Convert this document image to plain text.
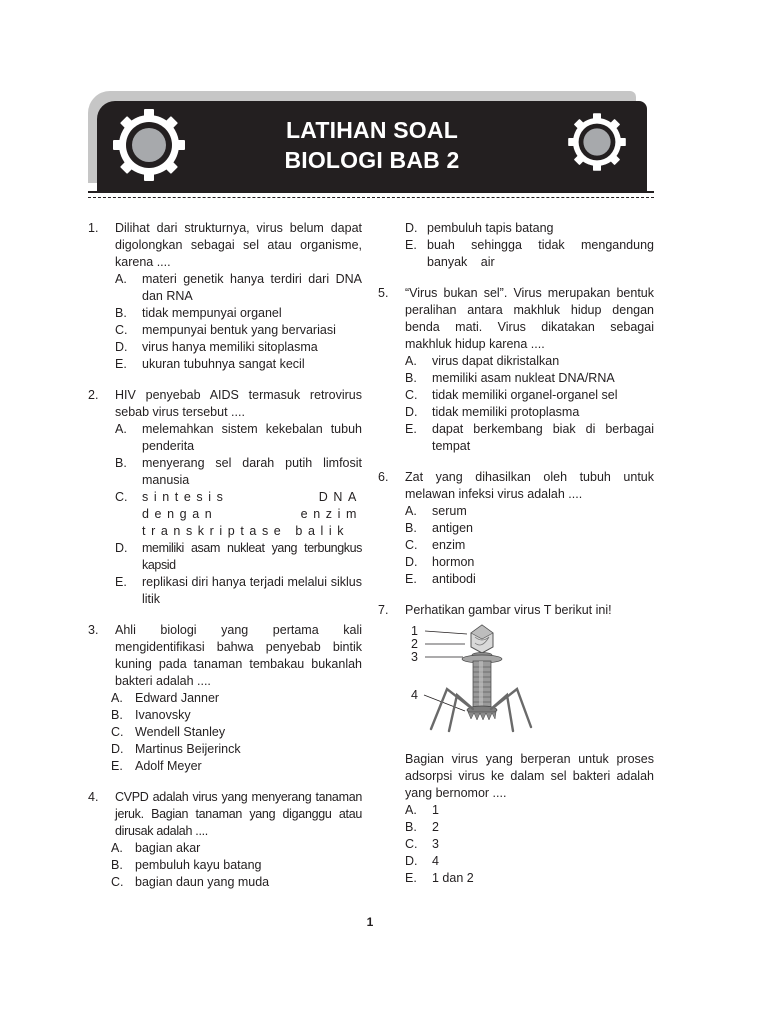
LATIHAN SOAL
BIOLOGI BAB 2
1. Dilihat dari strukturnya, virus belum dapat digolongkan sebagai sel atau organisme, karena ....
A. materi genetik hanya terdiri dari DNA dan RNA
B. tidak mempunyai organel
C. mempunyai bentuk yang bervariasi
D. virus hanya memiliki sitoplasma
E. ukuran tubuhnya sangat kecil
2. HIV penyebab AIDS termasuk retrovirus sebab virus tersebut ....
A. melemahkan sistem kekebalan tubuh penderita
B. menyerang sel darah putih limfosit manusia
C. sintesis DNA dengan enzim transkriptase balik
D. memiliki asam nukleat yang terbungkus kapsid
E. replikasi diri hanya terjadi melalui siklus litik
3. Ahli biologi yang pertama kali mengidentifikasi bahwa penyebab bintik kuning pada tanaman tembakau bukanlah bakteri adalah ....
A. Edward Janner
B. Ivanovsky
C. Wendell Stanley
D. Martinus Beijerinck
E. Adolf Meyer
4. CVPD adalah virus yang menyerang tanaman jeruk. Bagian tanaman yang diganggu atau dirusak adalah ....
A. bagian akar
B. pembuluh kayu batang
C. bagian daun yang muda
D. pembuluh tapis batang
E. buah sehingga tidak mengandung banyak air
5. “Virus bukan sel”. Virus merupakan bentuk peralihan antara makhluk hidup dengan benda mati. Virus dikatakan sebagai makhluk hidup karena ....
A. virus dapat dikristalkan
B. memiliki asam nukleat DNA/RNA
C. tidak memiliki organel-organel sel
D. tidak memiliki protoplasma
E. dapat berkembang biak di berbagai tempat
6. Zat yang dihasilkan oleh tubuh untuk melawan infeksi virus adalah ....
A. serum
B. antigen
C. enzim
D. hormon
E. antibodi
7. Perhatikan gambar virus T berikut ini!
1
2
3
4
Bagian virus yang berperan untuk proses adsorpsi virus ke dalam sel bakteri adalah yang bernomor ....
A. 1
B. 2
C. 3
D. 4
E. 1 dan 2
1
